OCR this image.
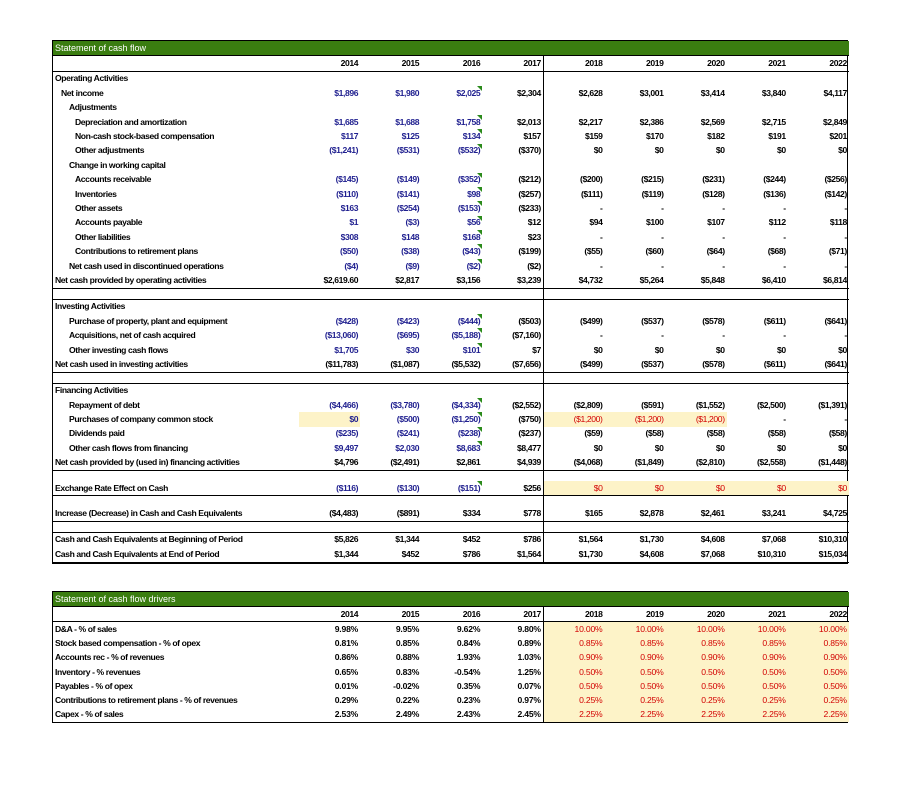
Statement of cash flow									
	2014	2015	2016	2017	2018	2019	2020	2021	2022
Operating Activities									
Net income	$1,896	$1,980	$2,025	$2,304	$2,628	$3,001	$3,414	$3,840	$4,117
Adjustments									
Depreciation and amortization	$1,685	$1,688	$1,758	$2,013	$2,217	$2,386	$2,569	$2,715	$2,849
Non-cash stock-based compensation	$117	$125	$134	$157	$159	$170	$182	$191	$201
Other adjustments	($1,241)	($531)	($532)	($370)	$0	$0	$0	$0	$0
Change in working capital									
Accounts receivable	($145)	($149)	($352)	($212)	($200)	($215)	($231)	($244)	($256)
Inventories	($110)	($141)	$98	($257)	($111)	($119)	($128)	($136)	($142)
Other assets	$163	($254)	($153)	($233)	-	-	-	-	-
Accounts payable	$1	($3)	$56	$12	$94	$100	$107	$112	$118
Other liabilities	$308	$148	$168	$23	-	-	-	-	-
Contributions to retirement plans	($50)	($38)	($43)	($199)	($55)	($60)	($64)	($68)	($71)
Net cash used in discontinued operations	($4)	($9)	($2)	($2)	-	-	-	-	-
Net cash provided by operating activities	$2,619.60	$2,817	$3,156	$3,239	$4,732	$5,264	$5,848	$6,410	$6,814

Investing Activities									
Purchase of property, plant and equipment	($428)	($423)	($444)	($503)	($499)	($537)	($578)	($611)	($641)
Acquisitions, net of cash acquired	($13,060)	($695)	($5,188)	($7,160)	-	-	-	-	-
Other investing cash flows	$1,705	$30	$101	$7	$0	$0	$0	$0	$0
Net cash used in investing activities	($11,783)	($1,087)	($5,532)	($7,656)	($499)	($537)	($578)	($611)	($641)

Financing Activities									
Repayment of debt	($4,466)	($3,780)	($4,334)	($2,552)	($2,809)	($591)	($1,552)	($2,500)	($1,391)
Purchases of company common stock	$0	($500)	($1,250)	($750)	($1,200)	($1,200)	($1,200)	-	-
Dividends paid	($235)	($241)	($238)	($237)	($59)	($58)	($58)	($58)	($58)
Other cash flows from financing	$9,497	$2,030	$8,683	$8,477	$0	$0	$0	$0	$0
Net cash provided by (used in) financing activities	$4,796	($2,491)	$2,861	$4,939	($4,068)	($1,849)	($2,810)	($2,558)	($1,448)

Exchange Rate Effect on Cash	($116)	($130)	($151)	$256	$0	$0	$0	$0	$0

Increase (Decrease) in Cash and Cash Equivalents	($4,483)	($891)	$334	$778	$165	$2,878	$2,461	$3,241	$4,725

Cash and Cash Equivalents at Beginning of Period	$5,826	$1,344	$452	$786	$1,564	$1,730	$4,608	$7,068	$10,310
Cash and Cash Equivalents at End of Period	$1,344	$452	$786	$1,564	$1,730	$4,608	$7,068	$10,310	$15,034
Statement of cash flow drivers									
	2014	2015	2016	2017	2018	2019	2020	2021	2022
D&A - % of sales	9.98%	9.95%	9.62%	9.80%	10.00%	10.00%	10.00%	10.00%	10.00%
Stock based compensation - % of opex	0.81%	0.85%	0.84%	0.89%	0.85%	0.85%	0.85%	0.85%	0.85%
Accounts rec - % of revenues	0.86%	0.88%	1.93%	1.03%	0.90%	0.90%	0.90%	0.90%	0.90%
Inventory - % revenues	0.65%	0.83%	-0.54%	1.25%	0.50%	0.50%	0.50%	0.50%	0.50%
Payables - % of opex	0.01%	-0.02%	0.35%	0.07%	0.50%	0.50%	0.50%	0.50%	0.50%
Contributions to retirement plans - % of revenues	0.29%	0.22%	0.23%	0.97%	0.25%	0.25%	0.25%	0.25%	0.25%
Capex - % of sales	2.53%	2.49%	2.43%	2.45%	2.25%	2.25%	2.25%	2.25%	2.25%
